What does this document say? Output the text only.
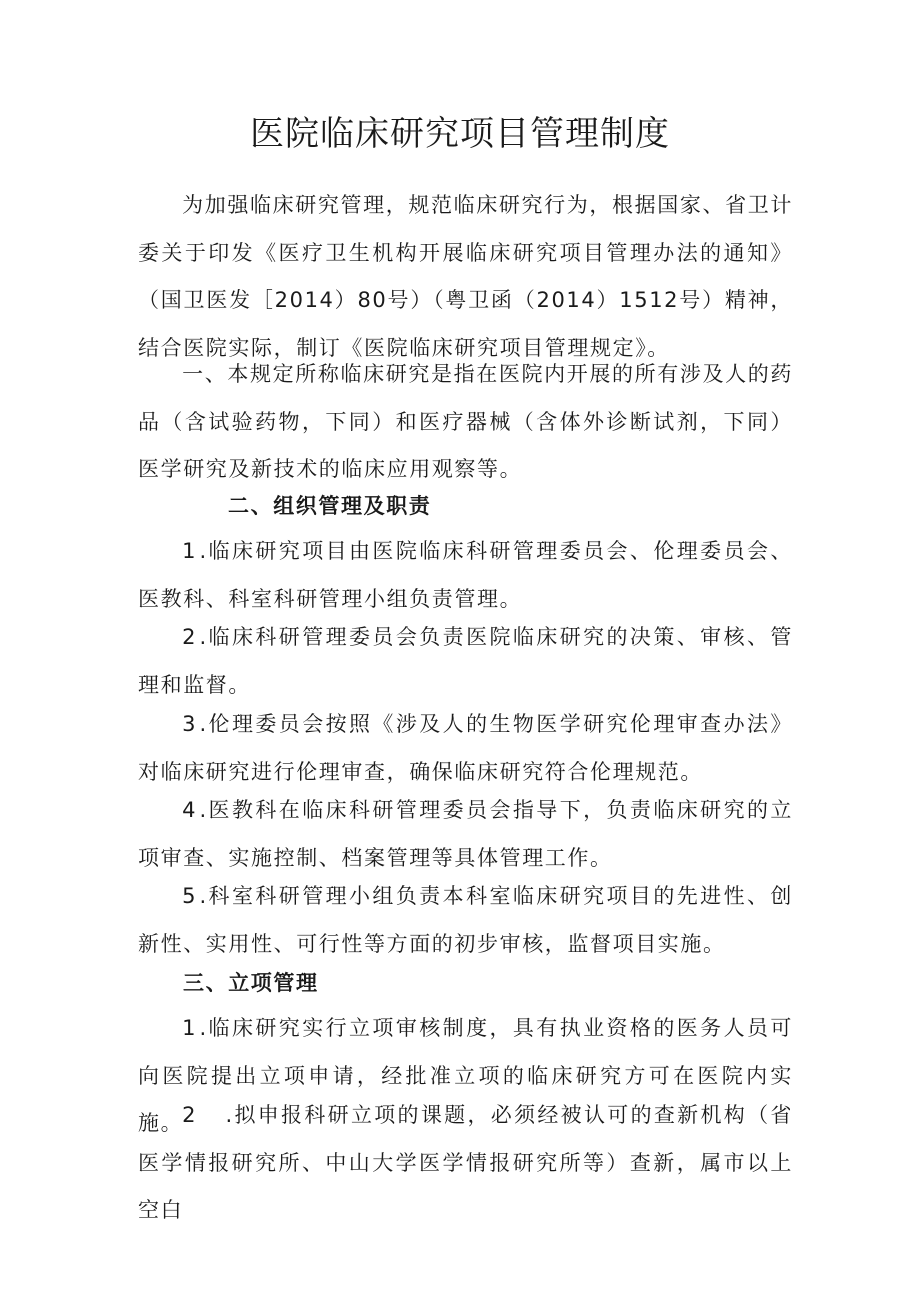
医院临床研究项目管理制度

为加强临床研究管理，规范临床研究行为，根据国家、省卫计委关于印发《医疗卫生机构开展临床研究项目管理办法的通知》（国卫医发［2014）80号）（粤卫函（2014）1512号）精神，结合医院实际，制订《医院临床研究项目管理规定》。

一、本规定所称临床研究是指在医院内开展的所有涉及人的药品（含试验药物，下同）和医疗器械（含体外诊断试剂，下同）医学研究及新技术的临床应用观察等。

二、组织管理及职责

1.临床研究项目由医院临床科研管理委员会、伦理委员会、医教科、科室科研管理小组负责管理。

2.临床科研管理委员会负责医院临床研究的决策、审核、管理和监督。

3.伦理委员会按照《涉及人的生物医学研究伦理审查办法》对临床研究进行伦理审查，确保临床研究符合伦理规范。

4.医教科在临床科研管理委员会指导下，负责临床研究的立项审查、实施控制、档案管理等具体管理工作。

5.科室科研管理小组负责本科室临床研究项目的先进性、创新性、实用性、可行性等方面的初步审核，监督项目实施。

三、立项管理

1.临床研究实行立项审核制度，具有执业资格的医务人员可向医院提出立项申请，经批准立项的临床研究方可在医院内实施。

2.拟申报科研立项的课题，必须经被认可的查新机构（省医学情报研究所、中山大学医学情报研究所等）查新，属市以上空白
